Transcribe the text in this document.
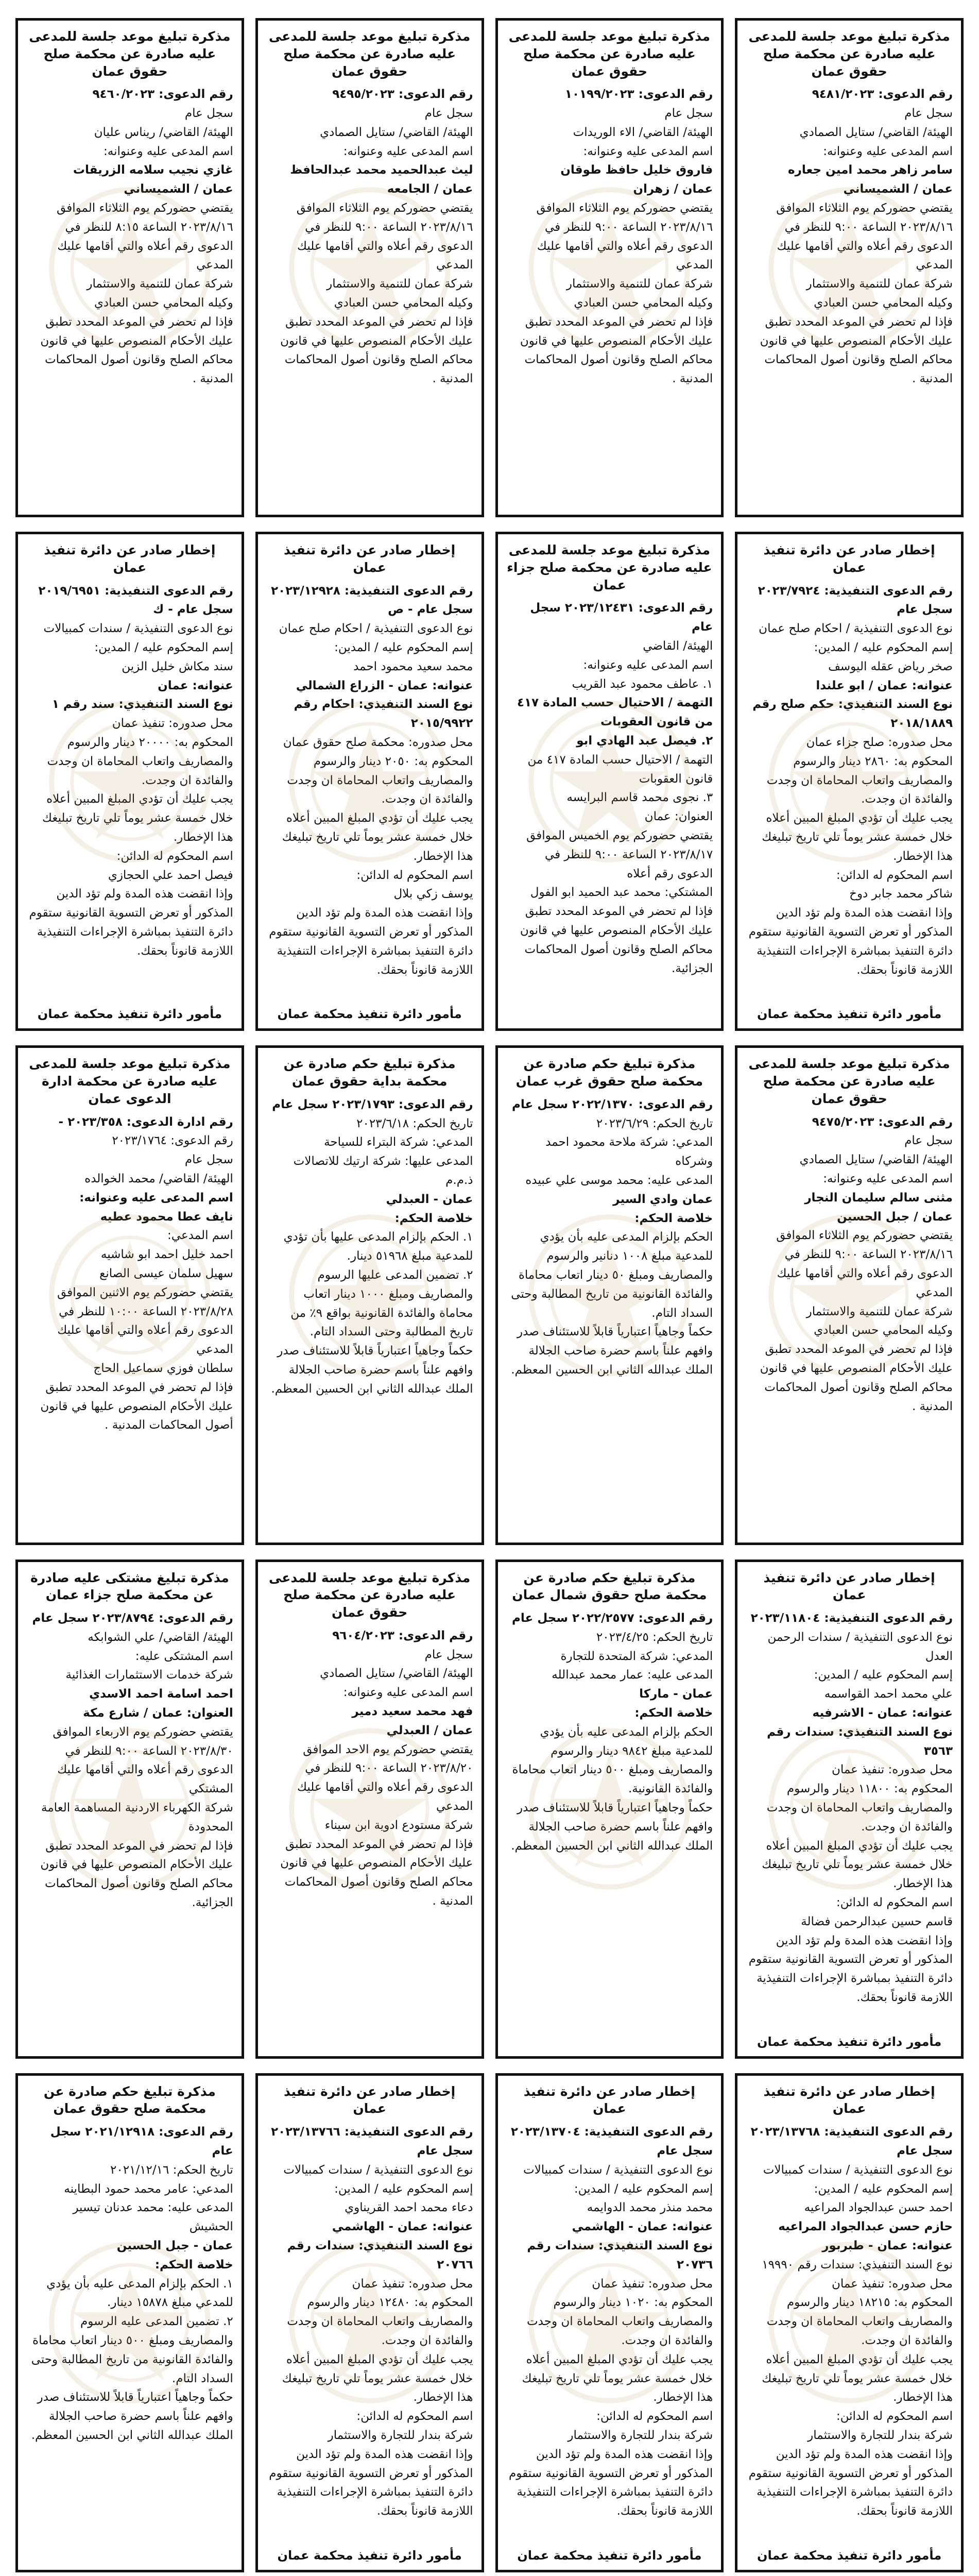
مذكرة تبليغ موعد جلسة للمدعى عليه صادرة عن محكمة صلح حقوق عمان
رقم الدعوى: ٩٤٨١/٢٠٢٣
سجل عام
الهيئة/ القاضي/ ستايل الصمادي
اسم المدعى عليه وعنوانه:
سامر زاهر محمد امين جعاره
عمان / الشميساني
يقتضي حضوركم يوم الثلاثاء الموافق ٢٠٢٣/٨/١٦ الساعة ٩:٠٠ للنظر في الدعوى رقم أعلاه والتي أقامها عليك المدعي
شركة عمان للتنمية والاستثمار
وكيله المحامي حسن العبادي
فإذا لم تحضر في الموعد المحدد تطبق عليك الأحكام المنصوص عليها في قانون محاكم الصلح وقانون أصول المحاكمات المدنية .
مذكرة تبليغ موعد جلسة للمدعى عليه صادرة عن محكمة صلح حقوق عمان
رقم الدعوى: ١٠١٩٩/٢٠٢٣
سجل عام
الهيئة/ القاضي/ الاء الوريدات
اسم المدعى عليه وعنوانه:
فاروق خليل حافظ طوقان
عمان / زهران
يقتضي حضوركم يوم الثلاثاء الموافق ٢٠٢٣/٨/١٦ الساعة ٩:٠٠ للنظر في الدعوى رقم أعلاه والتي أقامها عليك المدعي
شركة عمان للتنمية والاستثمار
وكيله المحامي حسن العبادي
فإذا لم تحضر في الموعد المحدد تطبق عليك الأحكام المنصوص عليها في قانون محاكم الصلح وقانون أصول المحاكمات المدنية .
مذكرة تبليغ موعد جلسة للمدعى عليه صادرة عن محكمة صلح حقوق عمان
رقم الدعوى: ٩٤٩٥/٢٠٢٣
سجل عام
الهيئة/ القاضي/ ستايل الصمادي
اسم المدعى عليه وعنوانه:
ليث عبدالحميد محمد عبدالحافظ
عمان / الجامعه
يقتضي حضوركم يوم الثلاثاء الموافق ٢٠٢٣/٨/١٦ الساعة ٩:٠٠ للنظر في الدعوى رقم أعلاه والتي أقامها عليك المدعي
شركة عمان للتنمية والاستثمار
وكيله المحامي حسن العبادي
فإذا لم تحضر في الموعد المحدد تطبق عليك الأحكام المنصوص عليها في قانون محاكم الصلح وقانون أصول المحاكمات المدنية .
مذكرة تبليغ موعد جلسة للمدعى عليه صادرة عن محكمة صلح حقوق عمان
رقم الدعوى: ٩٤٦٠/٢٠٢٣
سجل عام
الهيئة/ القاضي/ ريناس عليان
اسم المدعى عليه وعنوانه:
غازي نجيب سلامه الزريقات
عمان / الشميساني
يقتضي حضوركم يوم الثلاثاء الموافق ٢٠٢٣/٨/١٦ الساعة ٨:١٥ للنظر في الدعوى رقم أعلاه والتي أقامها عليك المدعي
شركة عمان للتنمية والاستثمار
وكيله المحامي حسن العبادي
فإذا لم تحضر في الموعد المحدد تطبق عليك الأحكام المنصوص عليها في قانون محاكم الصلح وقانون أصول المحاكمات المدنية .
إخطار صادر عن دائرة تنفيذ عمان
رقم الدعوى التنفيذية: ٢٠٢٣/٧٩٢٤ سجل عام
نوع الدعوى التنفيذية / احكام صلح عمان
إسم المحكوم عليه / المدين:
صخر رياض عقله اليوسف
عنوانه: عمان / ابو علندا
نوع السند التنفيذي: حكم صلح رقم ٢٠١٨/١٨٨٩
محل صدوره: صلح جزاء عمان
المحكوم به: ٢٨٦٠ دينار والرسوم والمصاريف واتعاب المحاماة ان وجدت والفائدة ان وجدت.
يجب عليك أن تؤدي المبلغ المبين أعلاه خلال خمسة عشر يوماً تلي تاريخ تبليغك هذا الإخطار.
اسم المحكوم له الدائن:
شاكر محمد جابر دوخ
وإذا انقضت هذه المدة ولم تؤد الدين المذكور أو تعرض التسوية القانونية ستقوم دائرة التنفيذ بمباشرة الإجراءات التنفيذية اللازمة قانوناً بحقك.
مأمور دائرة تنفيذ محكمة عمان
مذكرة تبليغ موعد جلسة للمدعى عليه صادرة عن محكمة صلح جزاء عمان
رقم الدعوى: ٢٠٢٣/١٢٤٣١ سجل عام
الهيئة/ القاضي
اسم المدعى عليه وعنوانه:
١. عاطف محمود عبد القريب
التهمة / الاحتيال حسب المادة ٤١٧ من قانون العقوبات
٢. فيصل عبد الهادي ابو
التهمة / الاحتيال حسب المادة ٤١٧ من قانون العقوبات
٣. نجوى محمد قاسم البرايسه
العنوان: عمان
يقتضي حضوركم يوم الخميس الموافق ٢٠٢٣/٨/١٧ الساعة ٩:٠٠ للنظر في الدعوى رقم أعلاه
المشتكي: محمد عبد الحميد ابو الفول
فإذا لم تحضر في الموعد المحدد تطبق عليك الأحكام المنصوص عليها في قانون محاكم الصلح وقانون أصول المحاكمات الجزائية.
إخطار صادر عن دائرة تنفيذ عمان
رقم الدعوى التنفيذية: ٢٠٢٣/١٢٩٢٨ سجل عام - ص
نوع الدعوى التنفيذية / احكام صلح عمان
إسم المحكوم عليه / المدين:
محمد سعيد محمود احمد
عنوانه: عمان - الزراع الشمالي
نوع السند التنفيذي: احكام رقم ٢٠١٥/٩٩٢٢
محل صدوره: محكمة صلح حقوق عمان
المحكوم به: ٢٠٥٠ دينار والرسوم والمصاريف واتعاب المحاماة ان وجدت والفائدة ان وجدت.
يجب عليك أن تؤدي المبلغ المبين أعلاه خلال خمسة عشر يوماً تلي تاريخ تبليغك هذا الإخطار.
اسم المحكوم له الدائن:
يوسف زكي بلال
وإذا انقضت هذه المدة ولم تؤد الدين المذكور أو تعرض التسوية القانونية ستقوم دائرة التنفيذ بمباشرة الإجراءات التنفيذية اللازمة قانوناً بحقك.
مأمور دائرة تنفيذ محكمة عمان
إخطار صادر عن دائرة تنفيذ عمان
رقم الدعوى التنفيذية: ٢٠١٩/٦٩٥١ سجل عام - ك
نوع الدعوى التنفيذية / سندات كمبيالات
إسم المحكوم عليه / المدين:
سند مكاش خليل الزين
عنوانه: عمان
نوع السند التنفيذي: سند رقم ١
محل صدوره: تنفيذ عمان
المحكوم به: ٢٠٠٠٠ دينار والرسوم والمصاريف واتعاب المحاماة ان وجدت والفائدة ان وجدت.
يجب عليك أن تؤدي المبلغ المبين أعلاه خلال خمسة عشر يوماً تلي تاريخ تبليغك هذا الإخطار.
اسم المحكوم له الدائن:
فيصل احمد علي الحجازي
وإذا انقضت هذه المدة ولم تؤد الدين المذكور أو تعرض التسوية القانونية ستقوم دائرة التنفيذ بمباشرة الإجراءات التنفيذية اللازمة قانوناً بحقك.
مأمور دائرة تنفيذ محكمة عمان
مذكرة تبليغ موعد جلسة للمدعى عليه صادرة عن محكمة صلح حقوق عمان
رقم الدعوى: ٩٤٧٥/٢٠٢٣
سجل عام
الهيئة/ القاضي/ ستايل الصمادي
اسم المدعى عليه وعنوانه:
مثنى سالم سليمان النجار
عمان / جبل الحسين
يقتضي حضوركم يوم الثلاثاء الموافق ٢٠٢٣/٨/١٦ الساعة ٩:٠٠ للنظر في الدعوى رقم أعلاه والتي أقامها عليك المدعي
شركة عمان للتنمية والاستثمار
وكيله المحامي حسن العبادي
فإذا لم تحضر في الموعد المحدد تطبق عليك الأحكام المنصوص عليها في قانون محاكم الصلح وقانون أصول المحاكمات المدنية .
مذكرة تبليغ حكم صادرة عن محكمة صلح حقوق غرب عمان
رقم الدعوى: ٢٠٢٢/١٣٧٠ سجل عام
تاريخ الحكم: ٢٠٢٣/٦/٢٩
المدعي: شركة ملاحة محمود احمد وشركاه
المدعى عليه: محمد موسى علي عبيده
عمان وادي السير
خلاصة الحكم:
الحكم بإلزام المدعى عليه بأن يؤدي للمدعية مبلغ ١٠٠٨ دنانير والرسوم والمصاريف ومبلغ ٥٠ دينار اتعاب محاماة والفائدة القانونية من تاريخ المطالبة وحتى السداد التام.
حكماً وجاهياً اعتبارياً قابلاً للاستئناف صدر وافهم علناً باسم حضرة صاحب الجلالة الملك عبدالله الثاني ابن الحسين المعظم.
مذكرة تبليغ حكم صادرة عن محكمة بداية حقوق عمان
رقم الدعوى: ٢٠٢٣/١٧٩٣ سجل عام
تاريخ الحكم: ٢٠٢٣/٦/١٨
المدعي: شركة البتراء للسياحة
المدعى عليها: شركة ارتيك للاتصالات ذ.م.م
عمان - العبدلي
خلاصة الحكم:
١. الحكم بإلزام المدعى عليها بأن تؤدي للمدعية مبلغ ٥١٩٦٨ دينار.
٢. تضمين المدعى عليها الرسوم والمصاريف ومبلغ ١٠٠٠ دينار اتعاب محاماة والفائدة القانونية بواقع ٩٪ من تاريخ المطالبة وحتى السداد التام.
حكماً وجاهياً اعتبارياً قابلاً للاستئناف صدر وافهم علناً باسم حضرة صاحب الجلالة الملك عبدالله الثاني ابن الحسين المعظم.
مذكرة تبليغ موعد جلسة للمدعى عليه صادرة عن محكمة ادارة الدعوى عمان
رقم ادارة الدعوى: ٢٠٢٣/٣٥٨ -
رقم الدعوى: ٢٠٢٣/١٧٦٤
سجل عام
الهيئة/ القاضي/ محمد الخوالده
اسم المدعى عليه وعنوانه:
نايف عطا محمود عطيه
اسم المدعي:
احمد خليل احمد ابو شاشيه
سهيل سلمان عيسى الصانع
يقتضي حضوركم يوم الاثنين الموافق ٢٠٢٣/٨/٢٨ الساعة ١٠:٠٠ للنظر في الدعوى رقم أعلاه والتي أقامها عليك المدعي
سلطان فوزي سماعيل الحاج
فإذا لم تحضر في الموعد المحدد تطبق عليك الأحكام المنصوص عليها في قانون أصول المحاكمات المدنية .
إخطار صادر عن دائرة تنفيذ عمان
رقم الدعوى التنفيذية: ٢٠٢٣/١١٨٠٤
نوع الدعوى التنفيذية / سندات الرحمن العدل
إسم المحكوم عليه / المدين:
علي محمد احمد القواسمه
عنوانه: عمان - الاشرفيه
نوع السند التنفيذي: سندات رقم ٣٥٦٣
محل صدوره: تنفيذ عمان
المحكوم به: ١١٨٠٠ دينار والرسوم والمصاريف واتعاب المحاماة ان وجدت والفائدة ان وجدت.
يجب عليك أن تؤدي المبلغ المبين أعلاه خلال خمسة عشر يوماً تلي تاريخ تبليغك هذا الإخطار.
اسم المحكوم له الدائن:
قاسم حسين عبدالرحمن فضالة
وإذا انقضت هذه المدة ولم تؤد الدين المذكور أو تعرض التسوية القانونية ستقوم دائرة التنفيذ بمباشرة الإجراءات التنفيذية اللازمة قانوناً بحقك.
مأمور دائرة تنفيذ محكمة عمان
مذكرة تبليغ حكم صادرة عن محكمة صلح حقوق شمال عمان
رقم الدعوى: ٢٠٢٢/٢٥٧٧ سجل عام
تاريخ الحكم: ٢٠٢٣/٤/٢٥
المدعي: شركة المتحدة للتجارة
المدعى عليه: عمار محمد عبدالله
عمان - ماركا
خلاصة الحكم:
الحكم بإلزام المدعى عليه بأن يؤدي للمدعية مبلغ ٩٨٤٢ دينار والرسوم والمصاريف ومبلغ ٥٠٠ دينار اتعاب محاماة والفائدة القانونية.
حكماً وجاهياً اعتبارياً قابلاً للاستئناف صدر وافهم علناً باسم حضرة صاحب الجلالة الملك عبدالله الثاني ابن الحسين المعظم.
مذكرة تبليغ موعد جلسة للمدعى عليه صادرة عن محكمة صلح حقوق عمان
رقم الدعوى: ٩٦٠٤/٢٠٢٣
سجل عام
الهيئة/ القاضي/ ستايل الصمادي
اسم المدعى عليه وعنوانه:
فهد محمد سعيد دمير
عمان / العبدلي
يقتضي حضوركم يوم الاحد الموافق ٢٠٢٣/٨/٢٠ الساعة ٩:٠٠ للنظر في الدعوى رقم أعلاه والتي أقامها عليك المدعي
شركة مستودع ادوية ابن سيناء
فإذا لم تحضر في الموعد المحدد تطبق عليك الأحكام المنصوص عليها في قانون محاكم الصلح وقانون أصول المحاكمات المدنية .
مذكرة تبليغ مشتكى عليه صادرة عن محكمة صلح جزاء عمان
رقم الدعوى: ٢٠٢٣/٨٧٩٤ سجل عام
الهيئة/ القاضي/ علي الشوابكه
اسم المشتكى عليه:
شركة خدمات الاستثمارات الغذائية
احمد اسامة احمد الاسدي
العنوان: عمان / شارع مكة
يقتضي حضوركم يوم الاربعاء الموافق ٢٠٢٣/٨/٣٠ الساعة ٩:٠٠ للنظر في الدعوى رقم أعلاه والتي أقامها عليك المشتكي
شركة الكهرباء الاردنية المساهمة العامة المحدودة
فإذا لم تحضر في الموعد المحدد تطبق عليك الأحكام المنصوص عليها في قانون محاكم الصلح وقانون أصول المحاكمات الجزائية.
إخطار صادر عن دائرة تنفيذ عمان
رقم الدعوى التنفيذية: ٢٠٢٣/١٣٧٦٨ سجل عام
نوع الدعوى التنفيذية / سندات كمبيالات
إسم المحكوم عليه / المدين:
احمد حسن عبدالجواد المراعيه
حازم حسن عبدالجواد المراعيه
عنوانه: عمان - طبربور
نوع السند التنفيذي: سندات رقم ١٩٩٩٠
محل صدوره: تنفيذ عمان
المحكوم به: ١٨٢١٥ دينار والرسوم والمصاريف واتعاب المحاماة ان وجدت والفائدة ان وجدت.
يجب عليك أن تؤدي المبلغ المبين أعلاه خلال خمسة عشر يوماً تلي تاريخ تبليغك هذا الإخطار.
اسم المحكوم له الدائن:
شركة بندار للتجارة والاستثمار
وإذا انقضت هذه المدة ولم تؤد الدين المذكور أو تعرض التسوية القانونية ستقوم دائرة التنفيذ بمباشرة الإجراءات التنفيذية اللازمة قانوناً بحقك.
مأمور دائرة تنفيذ محكمة عمان
إخطار صادر عن دائرة تنفيذ عمان
رقم الدعوى التنفيذية: ٢٠٢٣/١٣٧٠٤ سجل عام
نوع الدعوى التنفيذية / سندات كمبيالات
إسم المحكوم عليه / المدين:
محمد منذر محمد الدوايمه
عنوانه: عمان - الهاشمي
نوع السند التنفيذي: سندات رقم ٢٠٧٣٦
محل صدوره: تنفيذ عمان
المحكوم به: ١٠٢٠ دينار والرسوم والمصاريف واتعاب المحاماة ان وجدت والفائدة ان وجدت.
يجب عليك أن تؤدي المبلغ المبين أعلاه خلال خمسة عشر يوماً تلي تاريخ تبليغك هذا الإخطار.
اسم المحكوم له الدائن:
شركة بندار للتجارة والاستثمار
وإذا انقضت هذه المدة ولم تؤد الدين المذكور أو تعرض التسوية القانونية ستقوم دائرة التنفيذ بمباشرة الإجراءات التنفيذية اللازمة قانوناً بحقك.
مأمور دائرة تنفيذ محكمة عمان
إخطار صادر عن دائرة تنفيذ عمان
رقم الدعوى التنفيذية: ٢٠٢٣/١٣٧٦٦ سجل عام
نوع الدعوى التنفيذية / سندات كمبيالات
إسم المحكوم عليه / المدين:
دعاء محمد احمد القريناوي
عنوانه: عمان - الهاشمي
نوع السند التنفيذي: سندات رقم ٢٠٧٦٦
محل صدوره: تنفيذ عمان
المحكوم به: ١٢٤٨٠ دينار والرسوم والمصاريف واتعاب المحاماة ان وجدت والفائدة ان وجدت.
يجب عليك أن تؤدي المبلغ المبين أعلاه خلال خمسة عشر يوماً تلي تاريخ تبليغك هذا الإخطار.
اسم المحكوم له الدائن:
شركة بندار للتجارة والاستثمار
وإذا انقضت هذه المدة ولم تؤد الدين المذكور أو تعرض التسوية القانونية ستقوم دائرة التنفيذ بمباشرة الإجراءات التنفيذية اللازمة قانوناً بحقك.
مأمور دائرة تنفيذ محكمة عمان
مذكرة تبليغ حكم صادرة عن محكمة صلح حقوق عمان
رقم الدعوى: ٢٠٢١/١٢٩١٨ سجل عام
تاريخ الحكم: ٢٠٢١/١٢/١٦
المدعي: عامر محمد حمود البطاينه
المدعى عليه: محمد عدنان تيسير الحشيش
عمان - جبل الحسين
خلاصة الحكم:
١. الحكم بإلزام المدعى عليه بأن يؤدي للمدعي مبلغ ١٥٨٧٨ دينار.
٢. تضمين المدعى عليه الرسوم والمصاريف ومبلغ ٥٠٠ دينار اتعاب محاماة والفائدة القانونية من تاريخ المطالبة وحتى السداد التام.
حكماً وجاهياً اعتبارياً قابلاً للاستئناف صدر وافهم علناً باسم حضرة صاحب الجلالة الملك عبدالله الثاني ابن الحسين المعظم.
